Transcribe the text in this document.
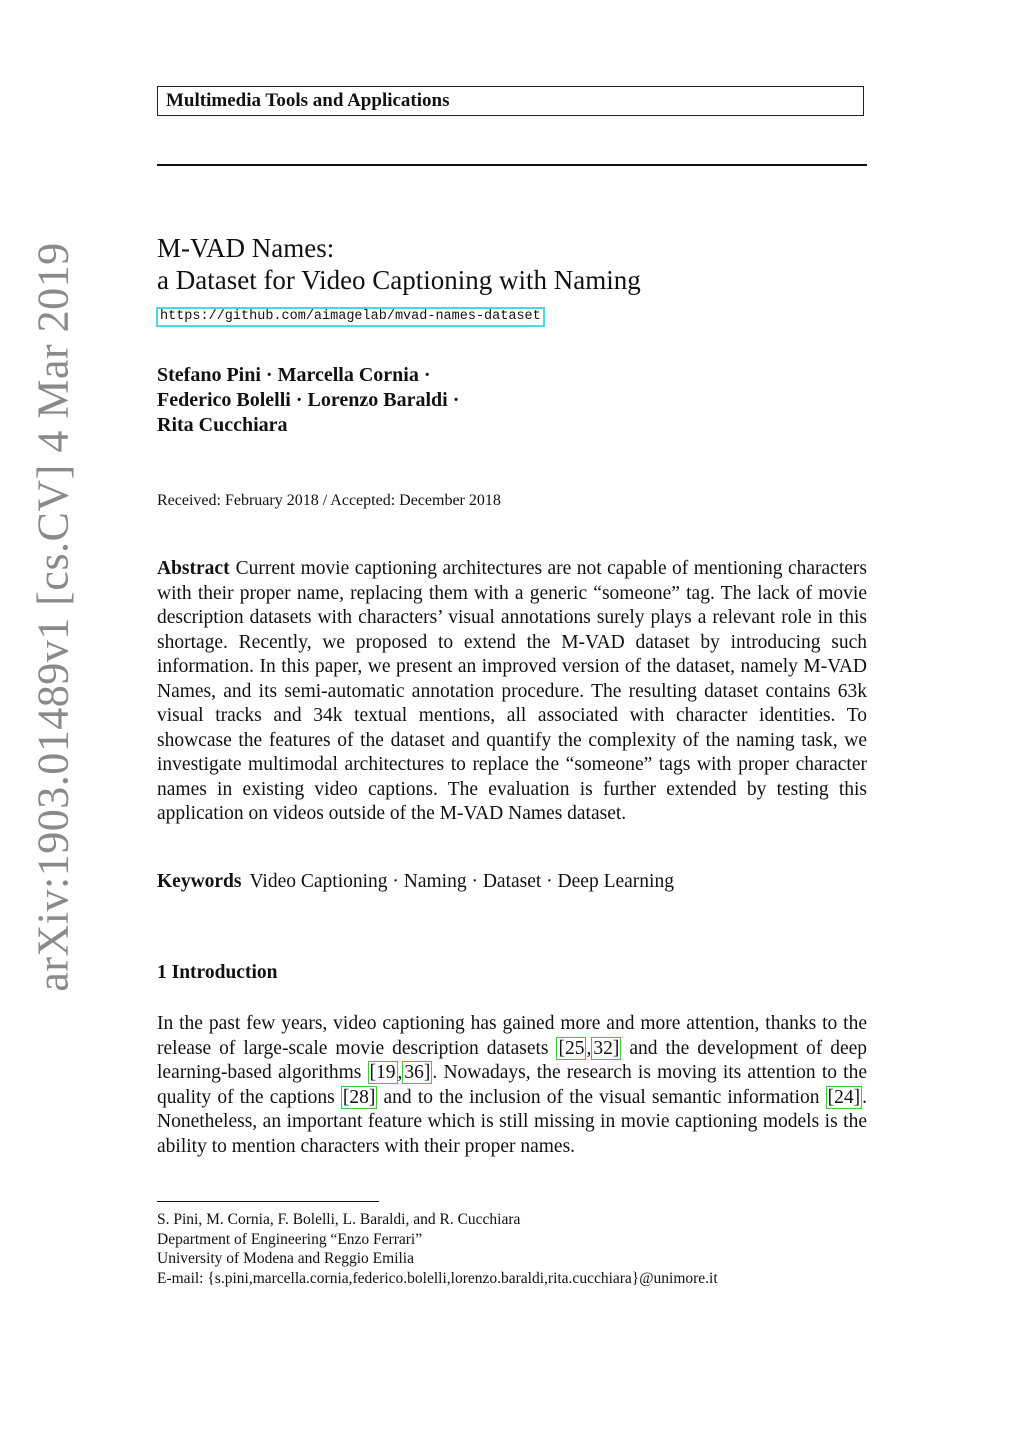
arXiv:1903.01489v1 [cs.CV] 4 Mar 2019
Multimedia Tools and Applications
M-VAD Names:
a Dataset for Video Captioning with Naming
https://github.com/aimagelab/mvad-names-dataset
Stefano Pini · Marcella Cornia ·
Federico Bolelli · Lorenzo Baraldi ·
Rita Cucchiara
Received: February 2018 / Accepted: December 2018
Abstract Current movie captioning architectures are not capable of mentioning characters with their proper name, replacing them with a generic “someone” tag. The lack of movie description datasets with characters’ visual annotations surely plays a relevant role in this shortage. Recently, we proposed to extend the M-VAD dataset by introducing such information. In this paper, we present an improved version of the dataset, namely M-VAD Names, and its semi-automatic annotation procedure. The resulting dataset contains 63k visual tracks and 34k textual mentions, all associated with character identities. To showcase the features of the dataset and quantify the complexity of the naming task, we investigate multimodal architectures to replace the “someone” tags with proper character names in existing video captions. The evaluation is further extended by testing this application on videos outside of the M-VAD Names dataset.
Keywords Video Captioning · Naming · Dataset · Deep Learning
1 Introduction
In the past few years, video captioning has gained more and more attention, thanks to the release of large-scale movie description datasets [25 , 32] and the development of deep learning-based algorithms [19 , 36] . Nowadays, the research is moving its attention to the quality of the captions [28] and to the inclusion of the visual semantic information [24] . Nonetheless, an important feature which is still missing in movie captioning models is the ability to mention characters with their proper names.
S. Pini, M. Cornia, F. Bolelli, L. Baraldi, and R. Cucchiara
Department of Engineering “Enzo Ferrari”
University of Modena and Reggio Emilia
E-mail: {s.pini,marcella.cornia,federico.bolelli,lorenzo.baraldi,rita.cucchiara}@unimore.it
